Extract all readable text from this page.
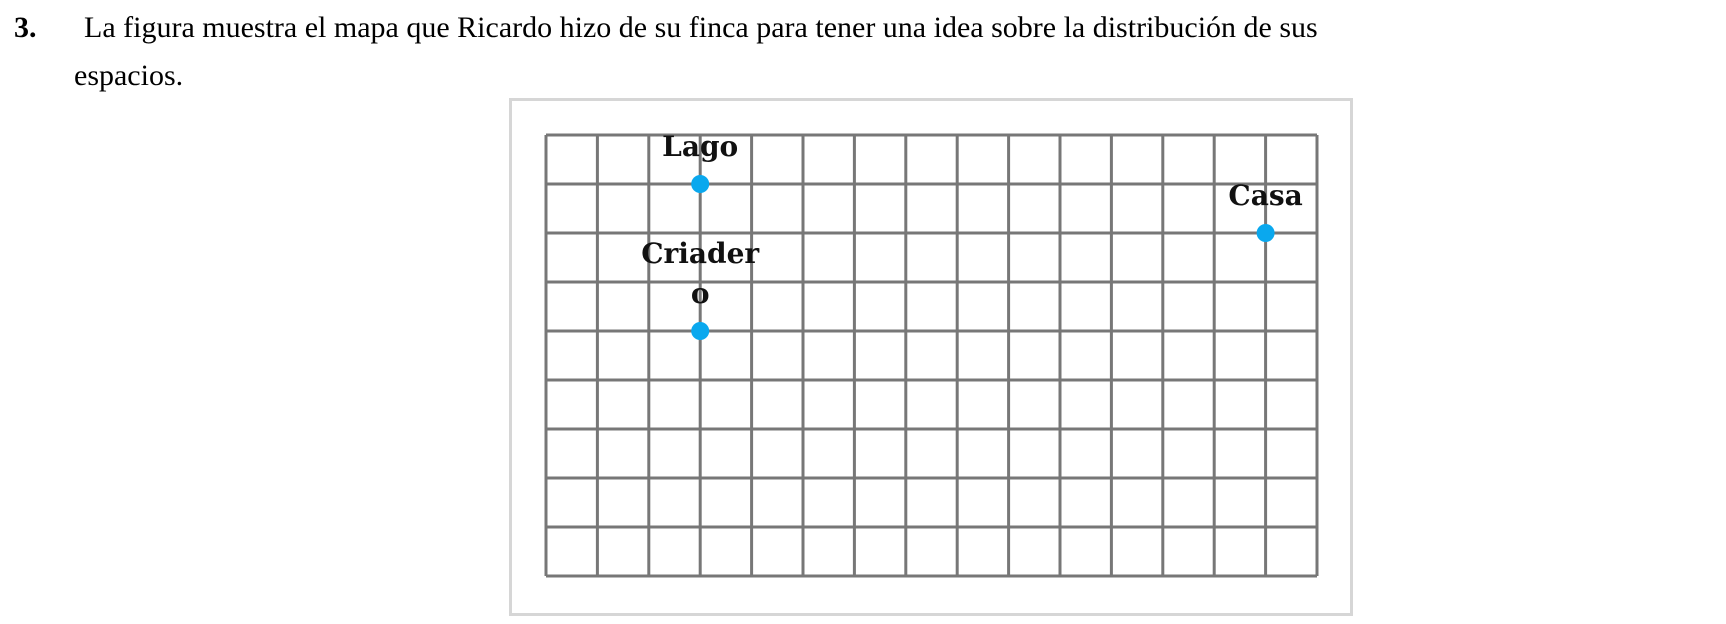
3. La figura muestra el mapa que Ricardo hizo de su finca para tener una idea sobre la distribución de sus
espacios.
Lago
Casa
Criader
o
